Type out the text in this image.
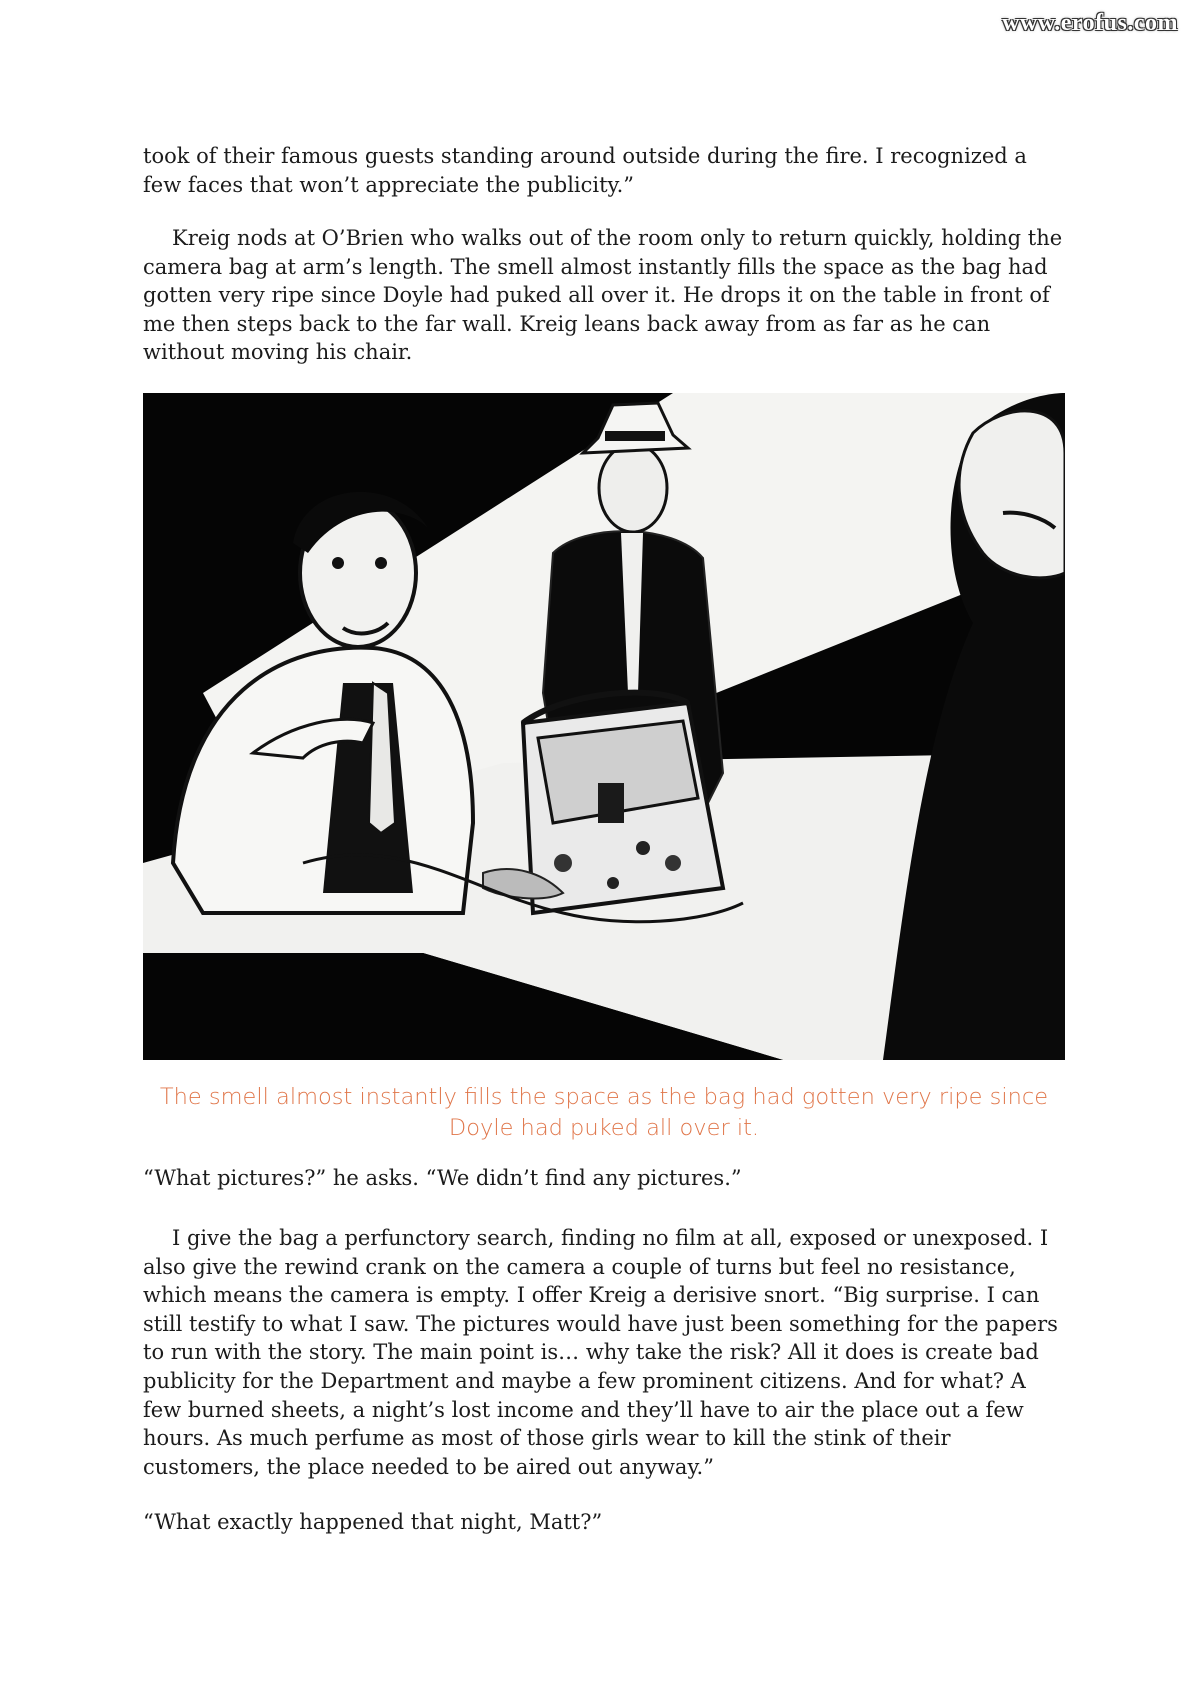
www.erofus.com

took of their famous guests standing around outside during the fire. I recognized a few faces that won’t appreciate the publicity.”

Kreig nods at O’Brien who walks out of the room only to return quickly, holding the camera bag at arm’s length. The smell almost instantly fills the space as the bag had gotten very ripe since Doyle had puked all over it. He drops it on the table in front of me then steps back to the far wall. Kreig leans back away from as far as he can without moving his chair.

The smell almost instantly fills the space as the bag had gotten very ripe since Doyle had puked all over it.

“What pictures?” he asks. “We didn’t find any pictures.”

I give the bag a perfunctory search, finding no film at all, exposed or unexposed. I also give the rewind crank on the camera a couple of turns but feel no resistance, which means the camera is empty. I offer Kreig a derisive snort. “Big surprise. I can still testify to what I saw. The pictures would have just been something for the papers to run with the story. The main point is… why take the risk? All it does is create bad publicity for the Department and maybe a few prominent citizens. And for what? A few burned sheets, a night’s lost income and they’ll have to air the place out a few hours. As much perfume as most of those girls wear to kill the stink of their customers, the place needed to be aired out anyway.”

“What exactly happened that night, Matt?”
